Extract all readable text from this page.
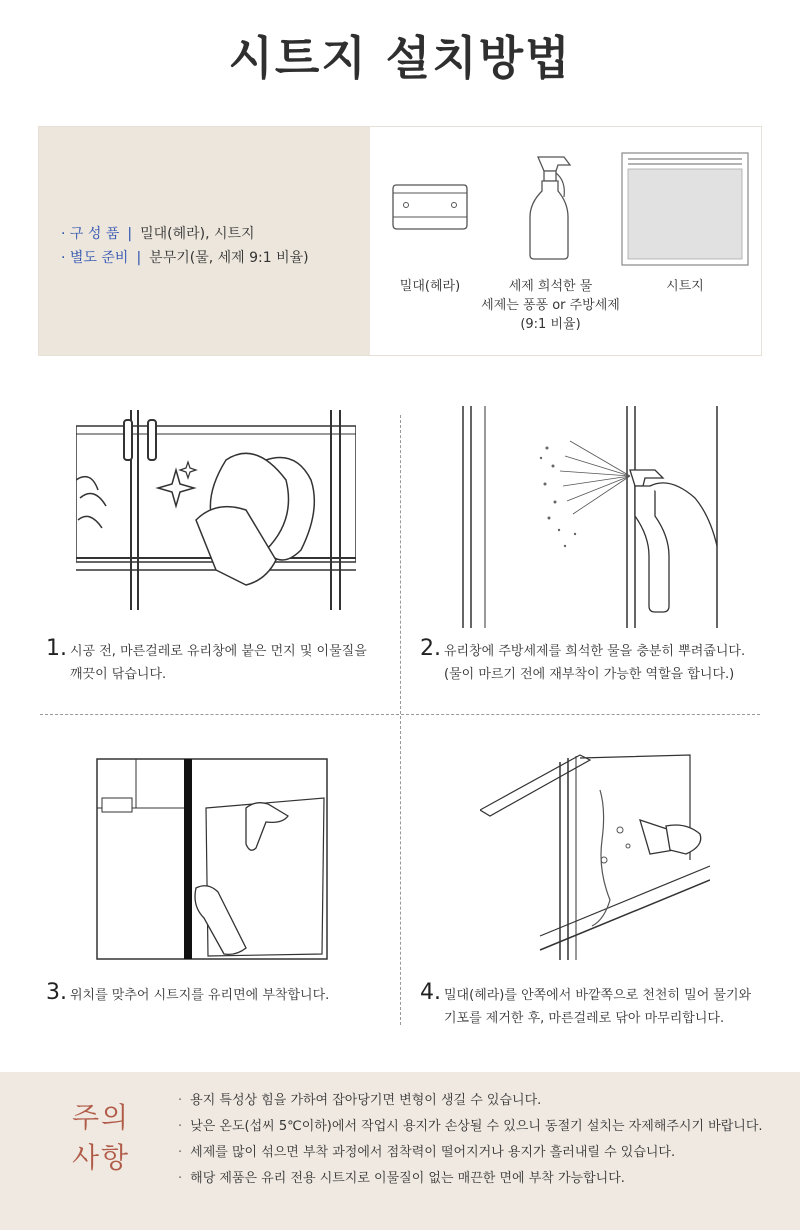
시트지 설치방법
· 구 성 품 | 밀대(헤라), 시트지
· 별도 준비 | 분무기(물, 세제 9:1 비율)
밀대(헤라)	세제 희석한 물
세제는 퐁퐁 or 주방세제
(9:1 비율)
시트지
1. 시공 전, 마른걸레로 유리창에 붙은 먼지 및 이물질을
깨끗이 닦습니다.
2. 유리창에 주방세제를 희석한 물을 충분히 뿌려줍니다.
(물이 마르기 전에 재부착이 가능한 역할을 합니다.)
3. 위치를 맞추어 시트지를 유리면에 부착합니다.	4. 밀대(헤라)를 안쪽에서 바깥쪽으로 천천히 밀어 물기와
기포를 제거한 후, 마른걸레로 닦아 마무리합니다.
주의
사항
· 용지 특성상 힘을 가하여 잡아당기면 변형이 생길 수 있습니다.
· 낮은 온도(섭씨 5℃이하)에서 작업시 용지가 손상될 수 있으니 동절기 설치는 자제해주시기 바랍니다.
· 세제를 많이 섞으면 부착 과정에서 점착력이 떨어지거나 용지가 흘러내릴 수 있습니다.
· 해당 제품은 유리 전용 시트지로 이물질이 없는 매끈한 면에 부착 가능합니다.
